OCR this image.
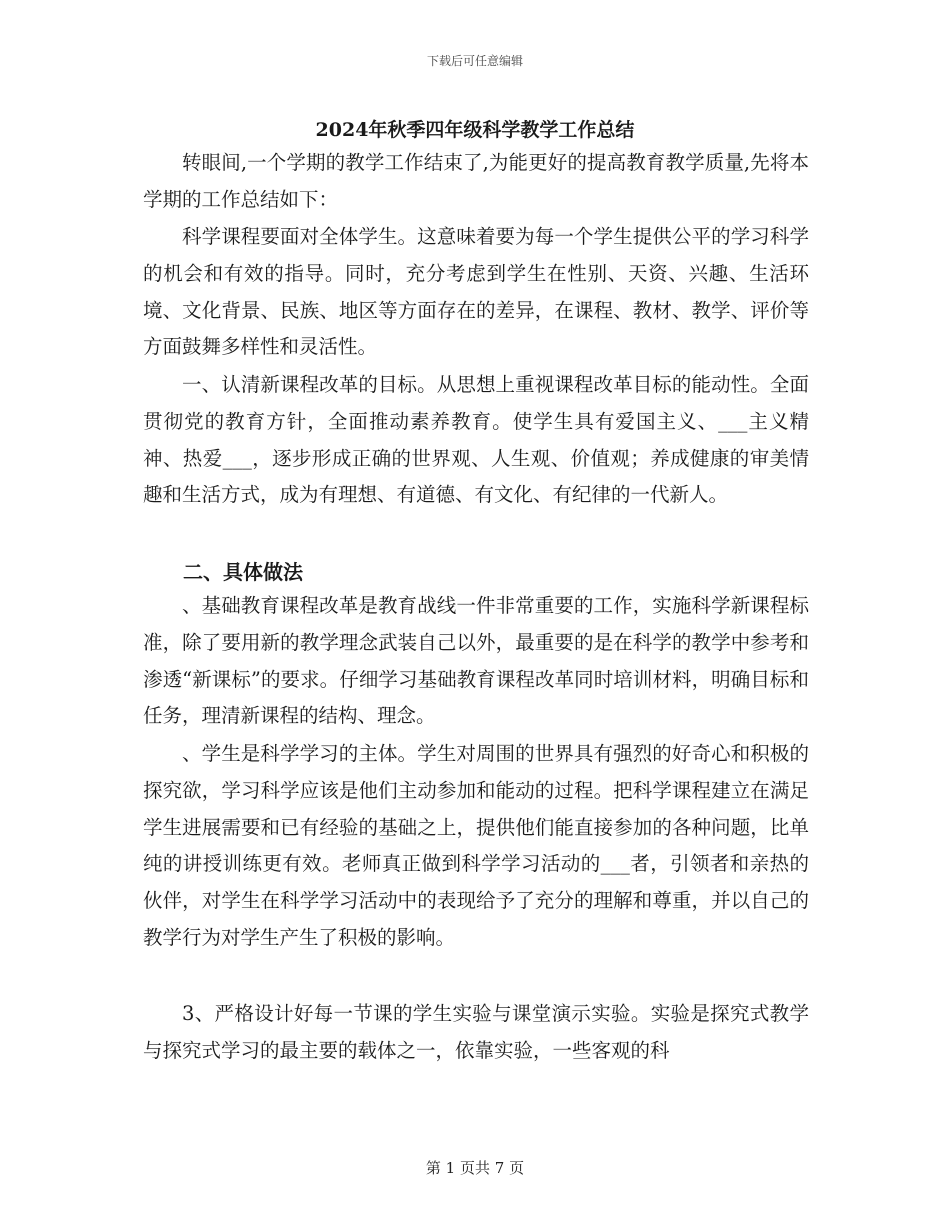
下载后可任意编辑
2024年秋季四年级科学教学工作总结

转眼间,一个学期的教学工作结束了,为能更好的提高教育教学质量,先将本学期的工作总结如下：

科学课程要面对全体学生。这意味着要为每一个学生提供公平的学习科学的机会和有效的指导。同时，充分考虑到学生在性别、天资、兴趣、生活环境、文化背景、民族、地区等方面存在的差异，在课程、教材、教学、评价等方面鼓舞多样性和灵活性。

一、认清新课程改革的目标。从思想上重视课程改革目标的能动性。全面贯彻党的教育方针，全面推动素养教育。使学生具有爱国主义、___主义精神、热爱___，逐步形成正确的世界观、人生观、价值观；养成健康的审美情趣和生活方式，成为有理想、有道德、有文化、有纪律的一代新人。

二、具体做法

、基础教育课程改革是教育战线一件非常重要的工作，实施科学新课程标准，除了要用新的教学理念武装自己以外，最重要的是在科学的教学中参考和渗透“新课标”的要求。仔细学习基础教育课程改革同时培训材料，明确目标和任务，理清新课程的结构、理念。

、学生是科学学习的主体。学生对周围的世界具有强烈的好奇心和积极的探究欲，学习科学应该是他们主动参加和能动的过程。把科学课程建立在满足学生进展需要和已有经验的基础之上，提供他们能直接参加的各种问题，比单纯的讲授训练更有效。老师真正做到科学学习活动的___者，引领者和亲热的伙伴，对学生在科学学习活动中的表现给予了充分的理解和尊重，并以自己的教学行为对学生产生了积极的影响。

3、严格设计好每一节课的学生实验与课堂演示实验。实验是探究式教学与探究式学习的最主要的载体之一，依靠实验，一些客观的科

第 1 页共 7 页
